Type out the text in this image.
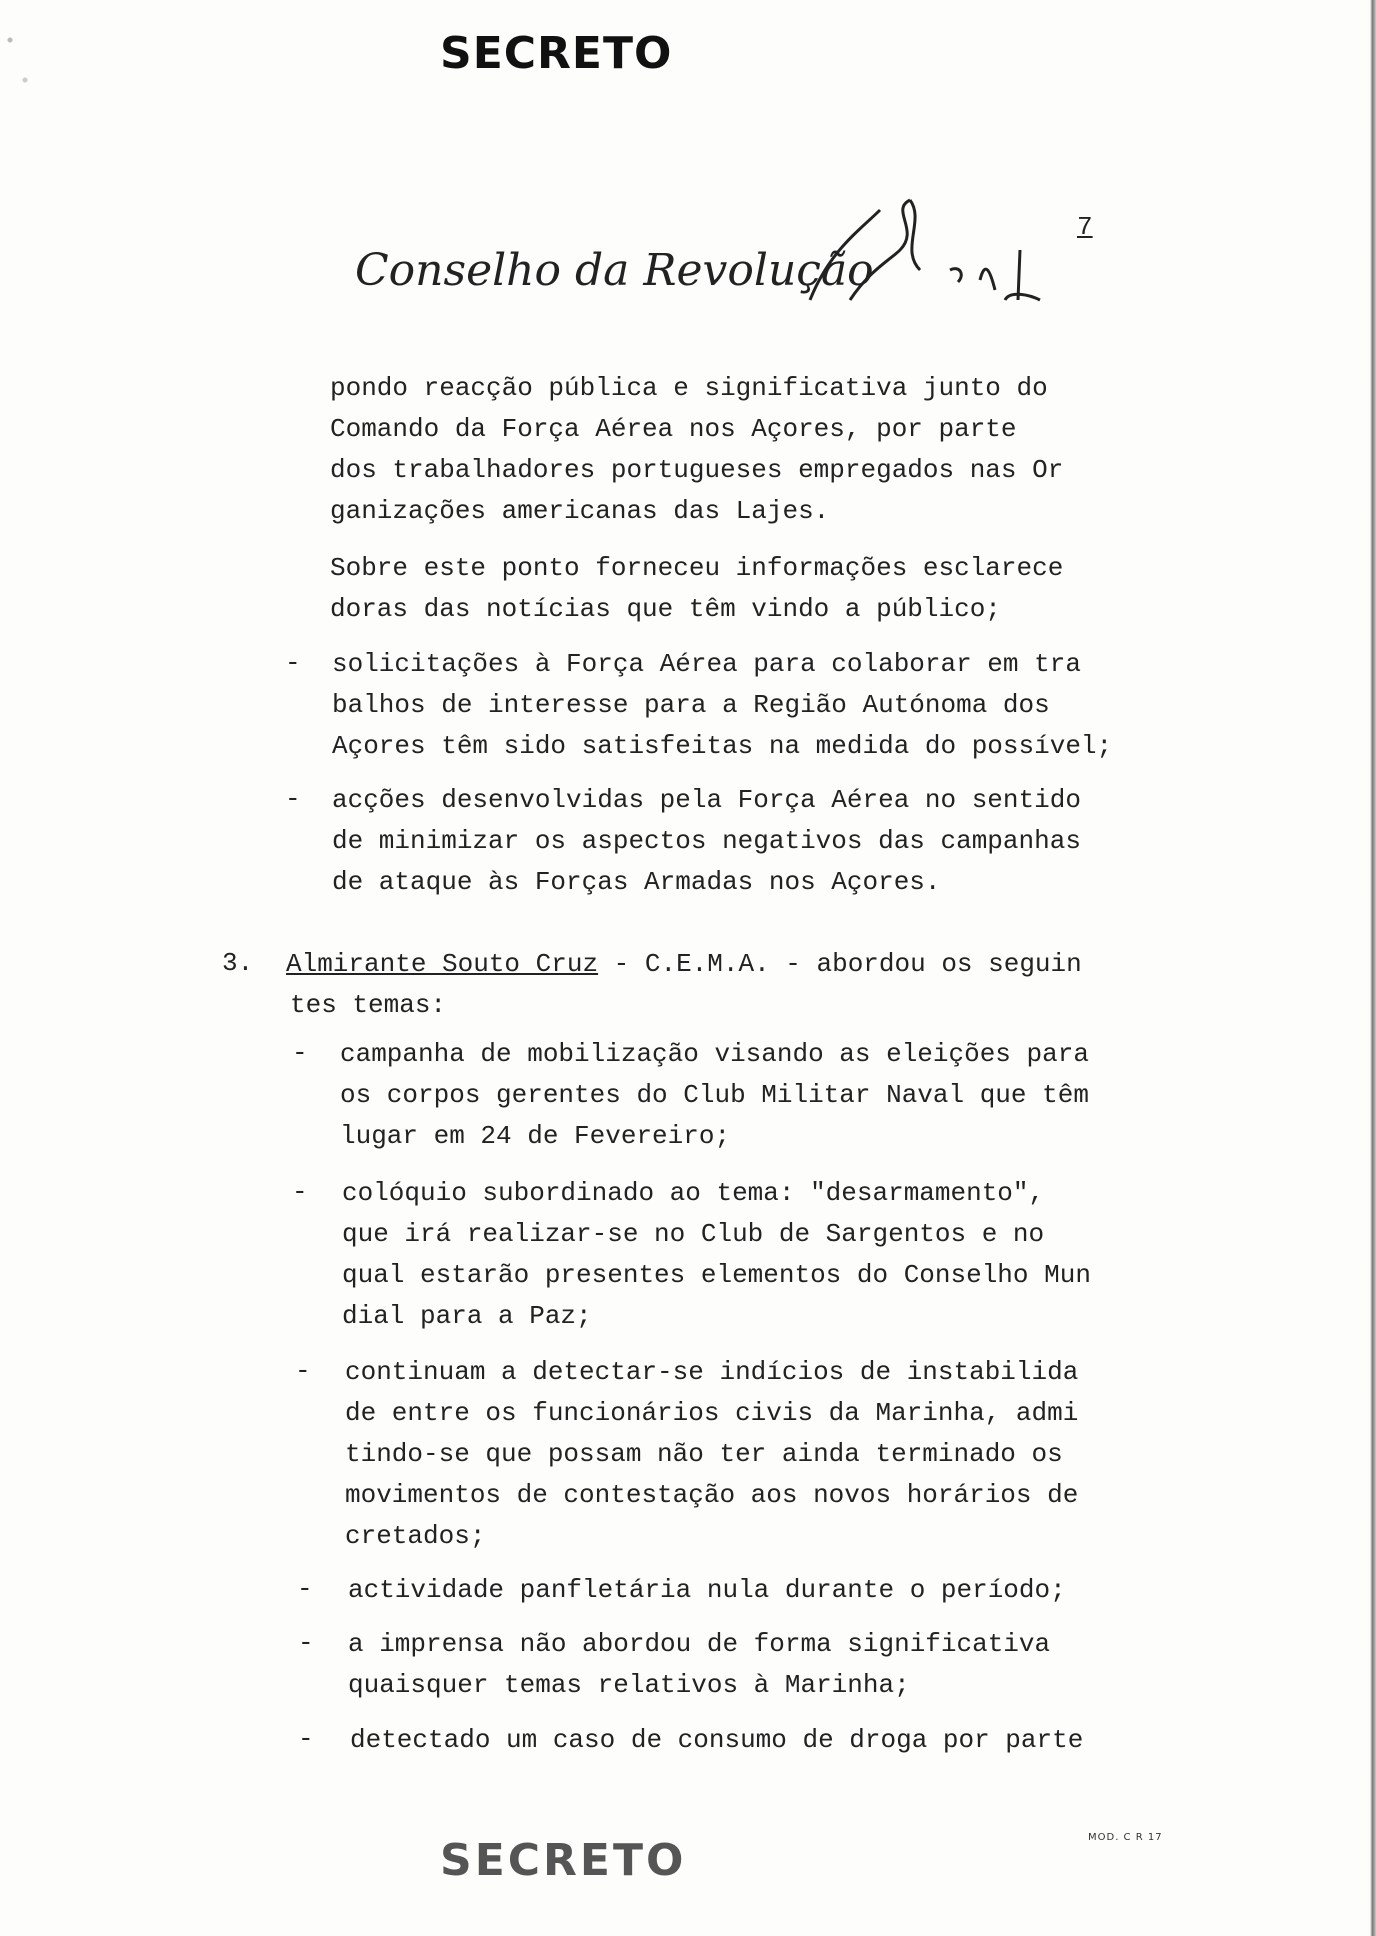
SECRETO
Conselho da Revolução
7
pondo reacção pública e significativa junto do
Comando da Força Aérea nos Açores, por parte
dos trabalhadores portugueses empregados nas Or
ganizações americanas das Lajes.
Sobre este ponto forneceu informações esclarece
doras das notícias que têm vindo a público;
- solicitações à Força Aérea para colaborar em tra
balhos de interesse para a Região Autónoma dos
Açores têm sido satisfeitas na medida do possível;
- acções desenvolvidas pela Força Aérea no sentido
de minimizar os aspectos negativos das campanhas
de ataque às Forças Armadas nos Açores.
3. Almirante Souto Cruz - C.E.M.A. - abordou os seguin
tes temas:
- campanha de mobilização visando as eleições para
os corpos gerentes do Club Militar Naval que têm
lugar em 24 de Fevereiro;
- colóquio subordinado ao tema: "desarmamento",
que irá realizar-se no Club de Sargentos e no
qual estarão presentes elementos do Conselho Mun
dial para a Paz;
- continuam a detectar-se indícios de instabilida
de entre os funcionários civis da Marinha, admi
tindo-se que possam não ter ainda terminado os
movimentos de contestação aos novos horários de
cretados;
- actividade panfletária nula durante o período;
- a imprensa não abordou de forma significativa
quaisquer temas relativos à Marinha;
- detectado um caso de consumo de droga por parte
SECRETO	MOD. C R 17
